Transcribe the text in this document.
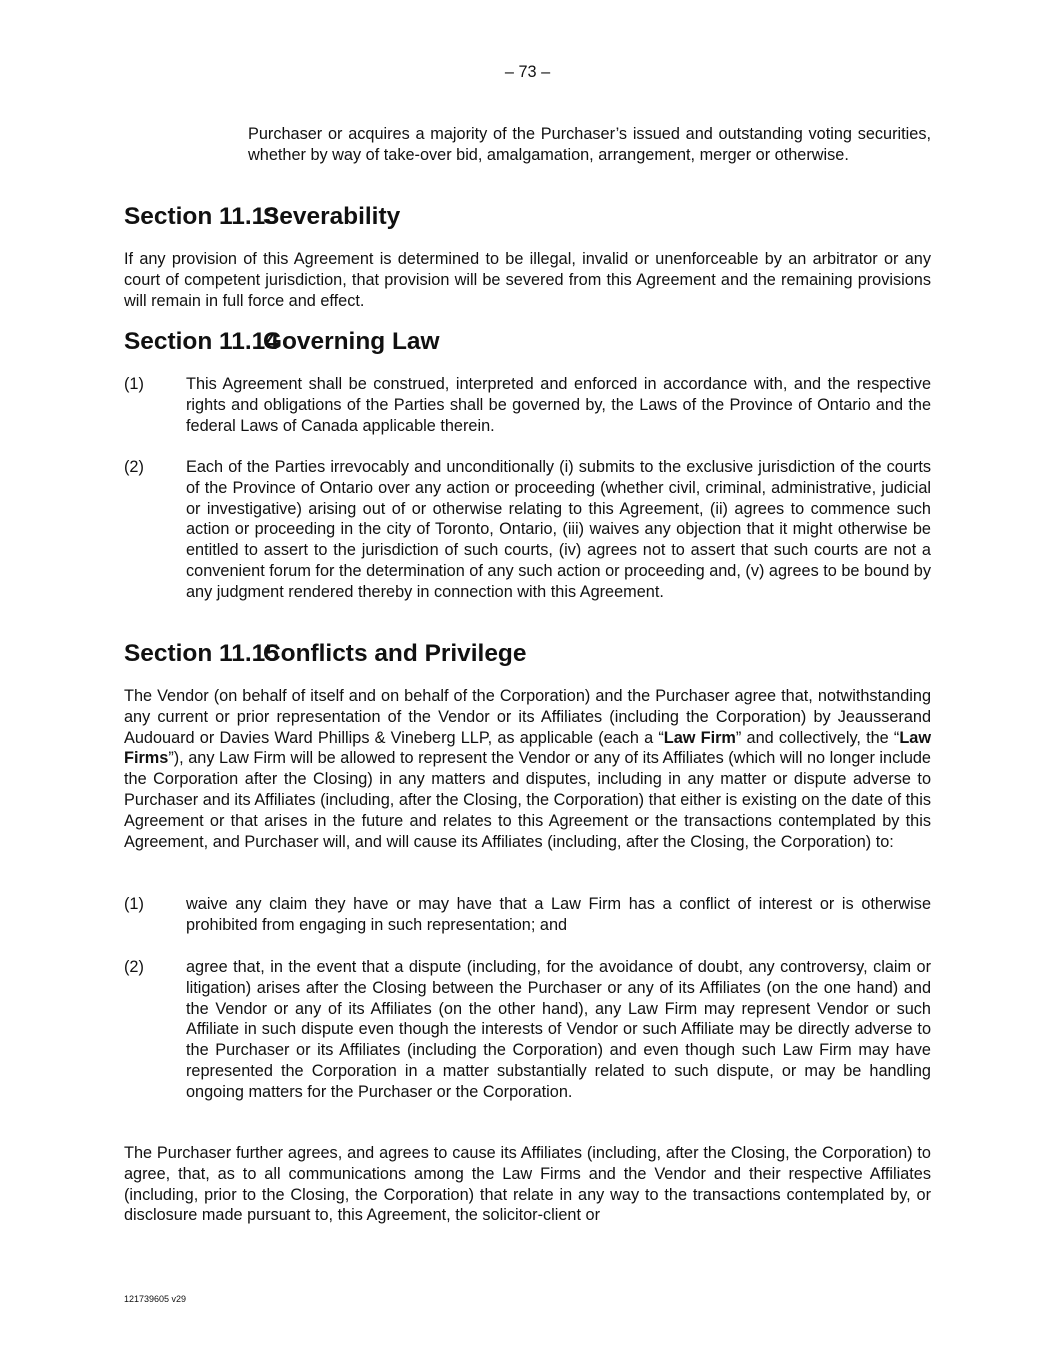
– 73 –

Purchaser or acquires a majority of the Purchaser’s issued and outstanding voting securities, whether by way of take-over bid, amalgamation, arrangement, merger or otherwise.

Section 11.13Severability

If any provision of this Agreement is determined to be illegal, invalid or unenforceable by an arbitrator or any court of competent jurisdiction, that provision will be severed from this Agreement and the remaining provisions will remain in full force and effect.

Section 11.14Governing Law
(1)	This Agreement shall be construed, interpreted and enforced in accordance with, and the respective rights and obligations of the Parties shall be governed by, the Laws of the Province of Ontario and the federal Laws of Canada applicable therein.

(2)	Each of the Parties irrevocably and unconditionally (i) submits to the exclusive jurisdiction of the courts of the Province of Ontario over any action or proceeding (whether civil, criminal, administrative, judicial or investigative) arising out of or otherwise relating to this Agreement, (ii) agrees to commence such action or proceeding in the city of Toronto, Ontario, (iii) waives any objection that it might otherwise be entitled to assert to the jurisdiction of such courts, (iv) agrees not to assert that such courts are not a convenient forum for the determination of any such action or proceeding and, (v) agrees to be bound by any judgment rendered thereby in connection with this Agreement.

Section 11.15Conflicts and Privilege

The Vendor (on behalf of itself and on behalf of the Corporation) and the Purchaser agree that, notwithstanding any current or prior representation of the Vendor or its Affiliates (including the Corporation) by Jeausserand Audouard or Davies Ward Phillips & Vineberg LLP, as applicable (each a “Law Firm” and collectively, the “Law Firms”), any Law Firm will be allowed to represent the Vendor or any of its Affiliates (which will no longer include the Corporation after the Closing) in any matters and disputes, including in any matter or dispute adverse to Purchaser and its Affiliates (including, after the Closing, the Corporation) that either is existing on the date of this Agreement or that arises in the future and relates to this Agreement or the transactions contemplated by this Agreement, and Purchaser will, and will cause its Affiliates (including, after the Closing, the Corporation) to:

(1)	waive any claim they have or may have that a Law Firm has a conflict of interest or is otherwise prohibited from engaging in such representation; and

(2)	agree that, in the event that a dispute (including, for the avoidance of doubt, any controversy, claim or litigation) arises after the Closing between the Purchaser or any of its Affiliates (on the one hand) and the Vendor or any of its Affiliates (on the other hand), any Law Firm may represent Vendor or such Affiliate in such dispute even though the interests of Vendor or such Affiliate may be directly adverse to the Purchaser or its Affiliates (including the Corporation) and even though such Law Firm may have represented the Corporation in a matter substantially related to such dispute, or may be handling ongoing matters for the Purchaser or the Corporation.

The Purchaser further agrees, and agrees to cause its Affiliates (including, after the Closing, the Corporation) to agree, that, as to all communications among the Law Firms and the Vendor and their respective Affiliates (including, prior to the Closing, the Corporation) that relate in any way to the transactions contemplated by, or disclosure made pursuant to, this Agreement, the solicitor-client or

121739605 v29
